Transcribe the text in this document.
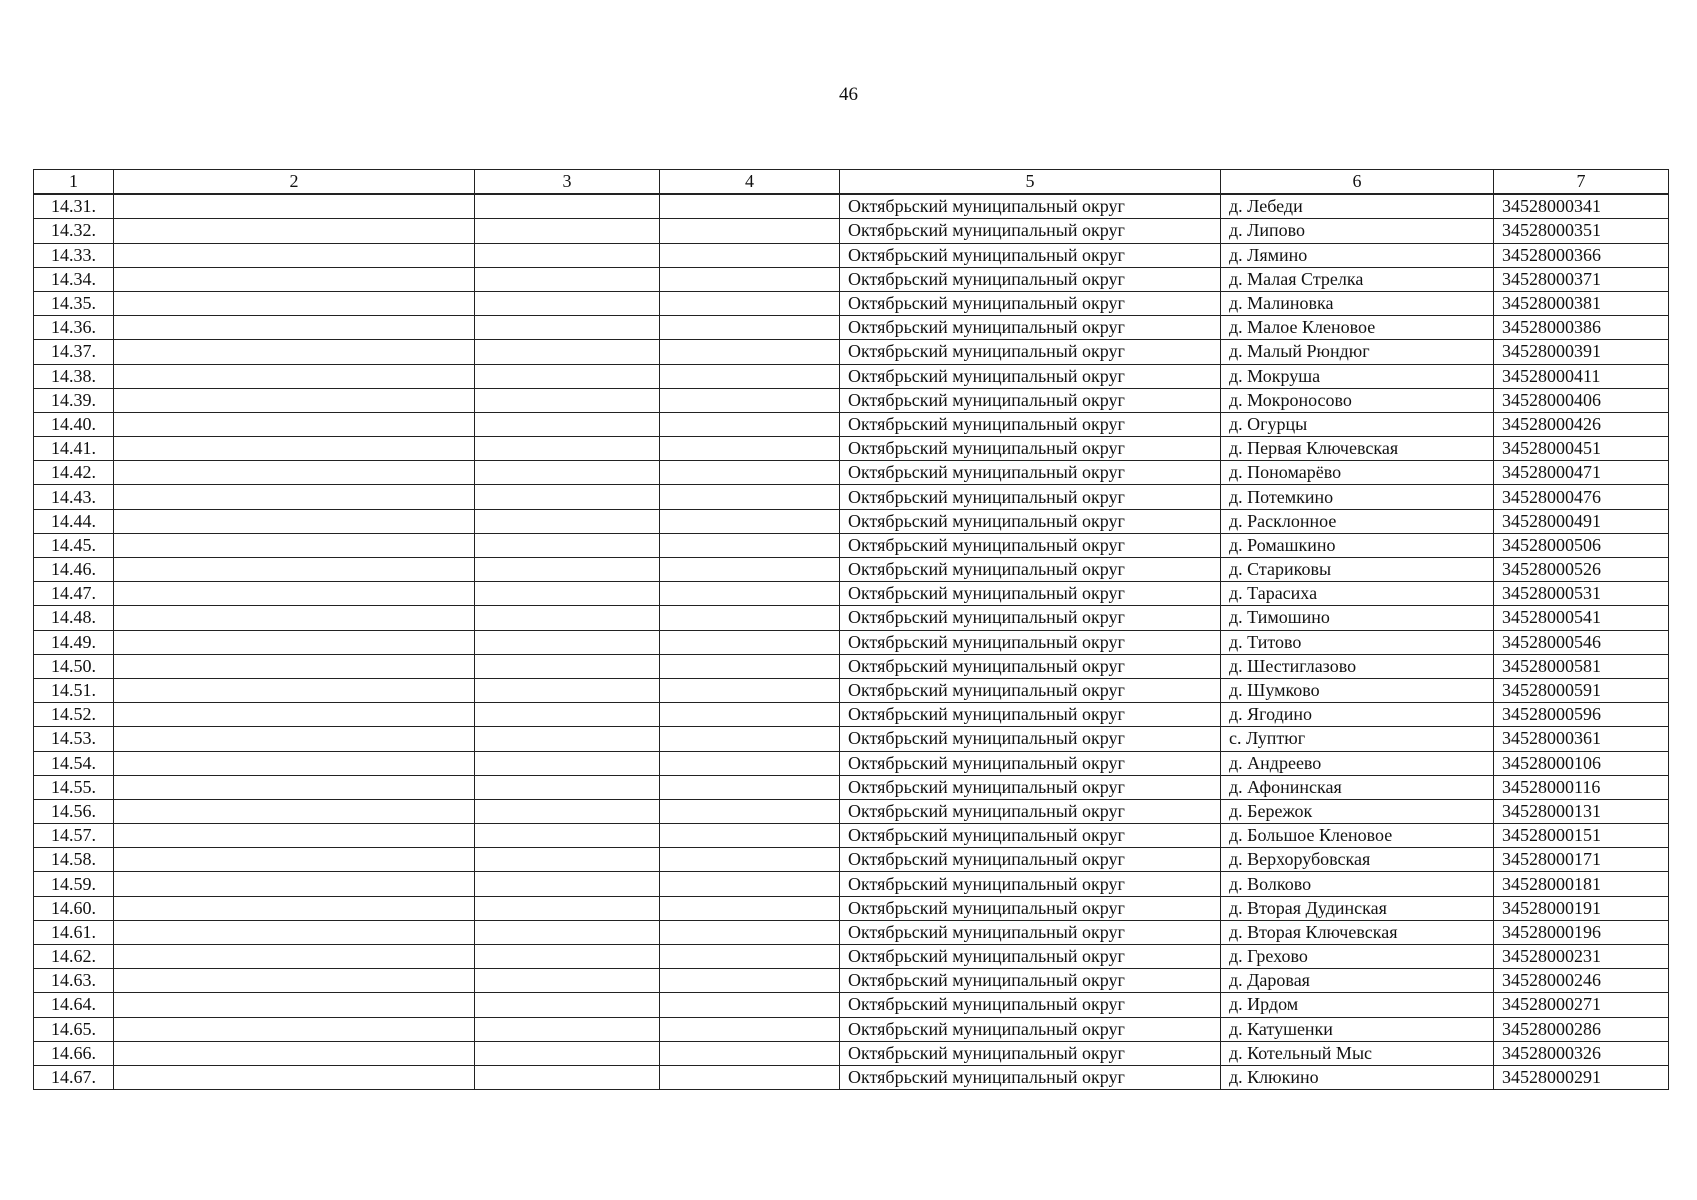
46
1	2	3	4	5	6	7
14.31.				Октябрьский муниципальный округ	д. Лебеди	34528000341
14.32.				Октябрьский муниципальный округ	д. Липово	34528000351
14.33.				Октябрьский муниципальный округ	д. Лямино	34528000366
14.34.				Октябрьский муниципальный округ	д. Малая Стрелка	34528000371
14.35.				Октябрьский муниципальный округ	д. Малиновка	34528000381
14.36.				Октябрьский муниципальный округ	д. Малое Кленовое	34528000386
14.37.				Октябрьский муниципальный округ	д. Малый Рюндюг	34528000391
14.38.				Октябрьский муниципальный округ	д. Мокруша	34528000411
14.39.				Октябрьский муниципальный округ	д. Мокроносово	34528000406
14.40.				Октябрьский муниципальный округ	д. Огурцы	34528000426
14.41.				Октябрьский муниципальный округ	д. Первая Ключевская	34528000451
14.42.				Октябрьский муниципальный округ	д. Пономарёво	34528000471
14.43.				Октябрьский муниципальный округ	д. Потемкино	34528000476
14.44.				Октябрьский муниципальный округ	д. Расклонное	34528000491
14.45.				Октябрьский муниципальный округ	д. Ромашкино	34528000506
14.46.				Октябрьский муниципальный округ	д. Стариковы	34528000526
14.47.				Октябрьский муниципальный округ	д. Тарасиха	34528000531
14.48.				Октябрьский муниципальный округ	д. Тимошино	34528000541
14.49.				Октябрьский муниципальный округ	д. Титово	34528000546
14.50.				Октябрьский муниципальный округ	д. Шестиглазово	34528000581
14.51.				Октябрьский муниципальный округ	д. Шумково	34528000591
14.52.				Октябрьский муниципальный округ	д. Ягодино	34528000596
14.53.				Октябрьский муниципальный округ	с. Луптюг	34528000361
14.54.				Октябрьский муниципальный округ	д. Андреево	34528000106
14.55.				Октябрьский муниципальный округ	д. Афонинская	34528000116
14.56.				Октябрьский муниципальный округ	д. Бережок	34528000131
14.57.				Октябрьский муниципальный округ	д. Большое Кленовое	34528000151
14.58.				Октябрьский муниципальный округ	д. Верхорубовская	34528000171
14.59.				Октябрьский муниципальный округ	д. Волково	34528000181
14.60.				Октябрьский муниципальный округ	д. Вторая Дудинская	34528000191
14.61.				Октябрьский муниципальный округ	д. Вторая Ключевская	34528000196
14.62.				Октябрьский муниципальный округ	д. Грехово	34528000231
14.63.				Октябрьский муниципальный округ	д. Даровая	34528000246
14.64.				Октябрьский муниципальный округ	д. Ирдом	34528000271
14.65.				Октябрьский муниципальный округ	д. Катушенки	34528000286
14.66.				Октябрьский муниципальный округ	д. Котельный Мыс	34528000326
14.67.				Октябрьский муниципальный округ	д. Клюкино	34528000291
